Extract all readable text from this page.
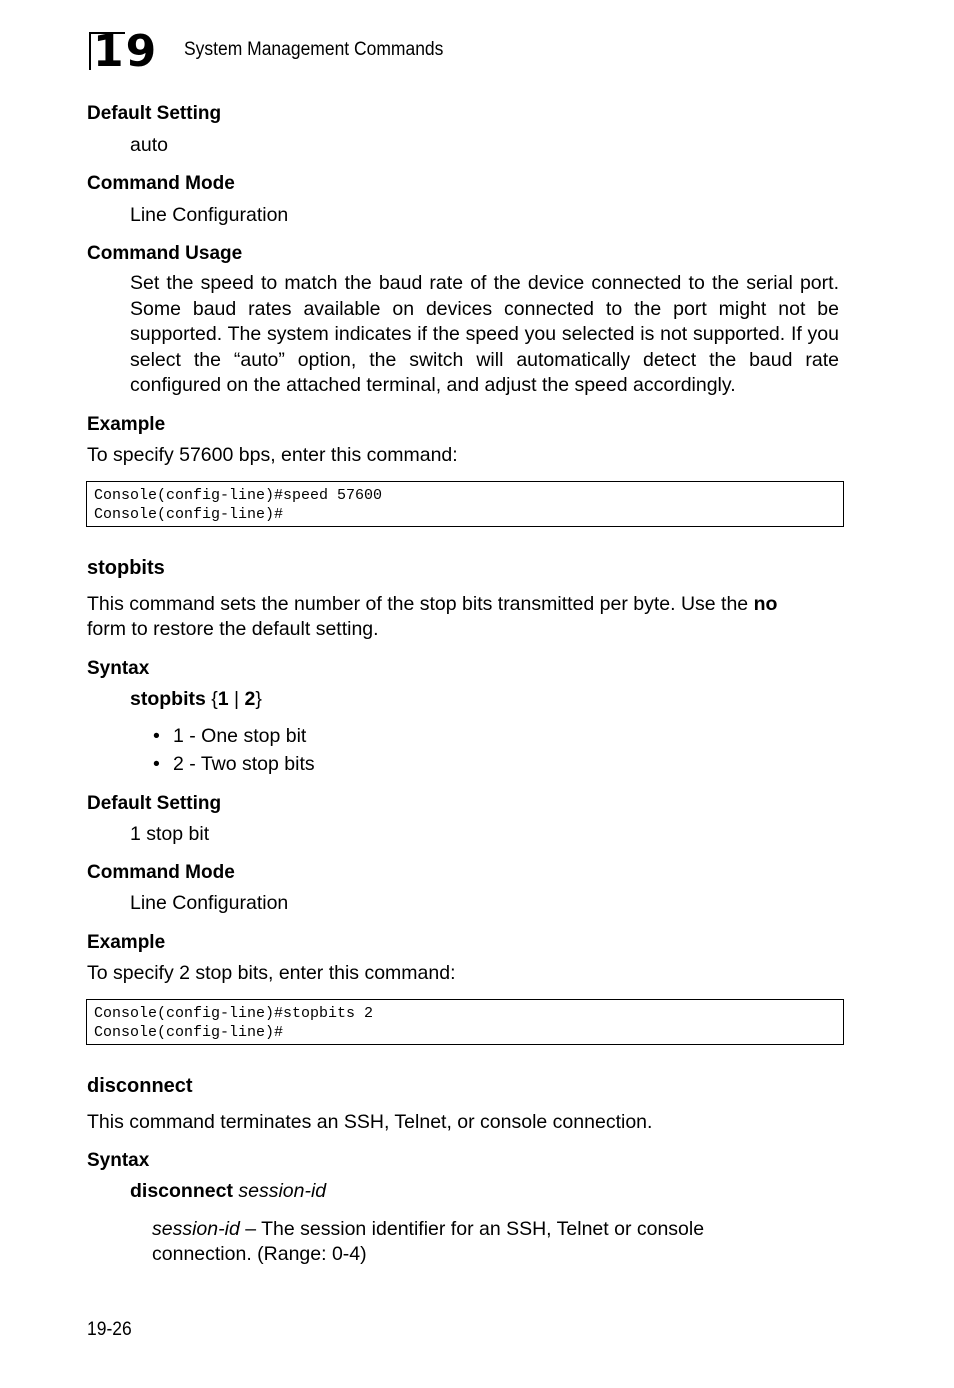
19 System Management Commands
Default Setting
auto
Command Mode
Line Configuration
Command Usage
Set the speed to match the baud rate of the device connected to the serial port. Some baud rates available on devices connected to the port might not be supported. The system indicates if the speed you selected is not supported. If you select the “auto” option, the switch will automatically detect the baud rate configured on the attached terminal, and adjust the speed accordingly.
Example
To specify 57600 bps, enter this command:
Console(config-line)#speed 57600
Console(config-line)#
stopbits
This command sets the number of the stop bits transmitted per byte. Use the no
form to restore the default setting.
Syntax
stopbits {1 | 2}
• 1 - One stop bit
• 2 - Two stop bits
Default Setting
1 stop bit
Command Mode
Line Configuration
Example
To specify 2 stop bits, enter this command:
Console(config-line)#stopbits 2
Console(config-line)#
disconnect
This command terminates an SSH, Telnet, or console connection.
Syntax
disconnect session-id
session-id – The session identifier for an SSH, Telnet or console
connection. (Range: 0-4)
19-26
